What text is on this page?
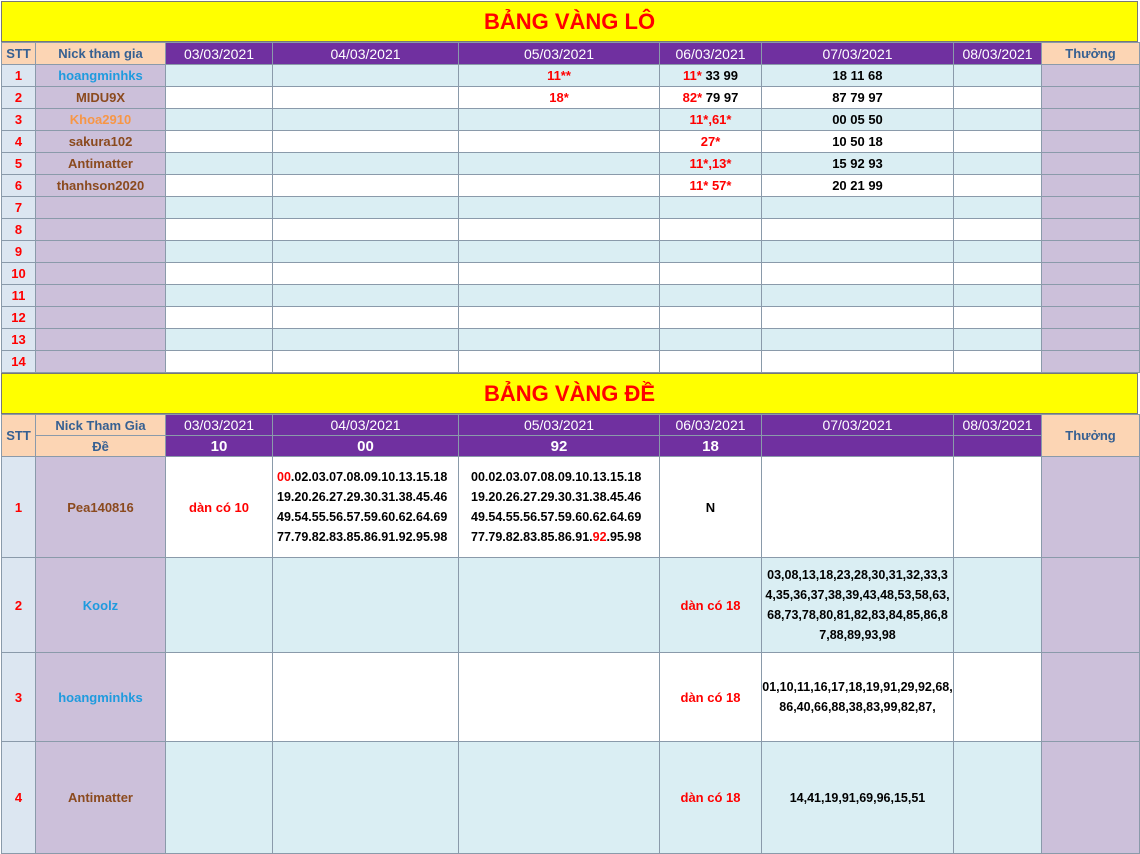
BẢNG VÀNG LÔ
STT	Nick tham gia	03/03/2021	04/03/2021	05/03/2021	06/03/2021	07/03/2021	08/03/2021	Thưởng
1	hoangminhks			11**	11* 33 99	18 11 68		
2	MIDU9X			18*	82* 79 97	87 79 97		
3	Khoa2910				11*,61*	00 05 50		
4	sakura102				27*	10 50 18		
5	Antimatter				11*,13*	15 92 93		
6	thanhson2020				11* 57*	20 21 99		
7								
8								
9								
10								
11								
12								
13								
14								
BẢNG VÀNG ĐỀ
STT	Nick Tham Gia	03/03/2021	04/03/2021	05/03/2021	06/03/2021	07/03/2021	08/03/2021	Thưởng
	Đề	10	00	92	18			
1	Pea140816	dàn có 10	00.02.03.07.08.09.10.13.15.18 19.20.26.27.29.30.31.38.45.46 49.54.55.56.57.59.60.62.64.69 77.79.82.83.85.86.91.92.95.98	00.02.03.07.08.09.10.13.15.18 19.20.26.27.29.30.31.38.45.46 49.54.55.56.57.59.60.62.64.69 77.79.82.83.85.86.91.92.95.98	N			
2	Koolz				dàn có 18	03,08,13,18,23,28,30,31,32,33,34,35,36,37,38,39,43,48,53,58,63,68,73,78,80,81,82,83,84,85,86,87,88,89,93,98		
3	hoangminhks				dàn có 18	01,10,11,16,17,18,19,91,29,92,68,86,40,66,88,38,83,99,82,87,		
4	Antimatter				dàn có 18	14,41,19,91,69,96,15,51		
